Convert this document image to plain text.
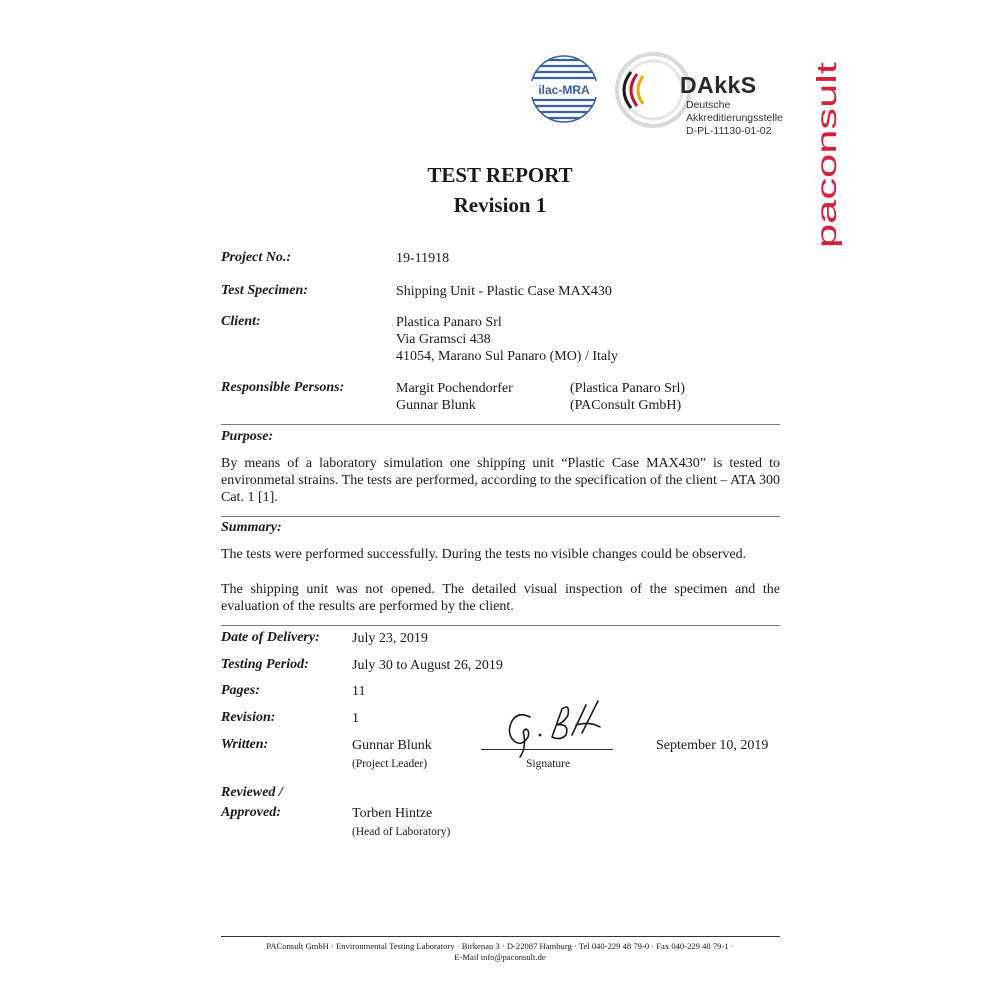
ilac-MRA	DAkkS
Deutsche
Akkreditierungsstelle
D-PL-11130-01-02 paconsult
TEST REPORT
Revision 1
Project No.:	19-11918
Test Specimen:	Shipping Unit - Plastic Case MAX430
Client:	Plastica Panaro Srl
Via Gramsci 438
41054, Marano Sul Panaro (MO) / Italy
Responsible Persons:	Margit Pochendorfer	(Plastica Panaro Srl)
Gunnar Blunk	(PAConsult GmbH)
Purpose:
By means of a laboratory simulation one shipping unit “Plastic Case MAX430” is tested to environmetal strains. The tests are performed, according to the specification of the client – ATA 300 Cat. 1 [1].
Summary:
The tests were performed successfully. During the tests no visible changes could be observed.
The shipping unit was not opened. The detailed visual inspection of the specimen and the evaluation of the results are performed by the client.
Date of Delivery: July 23, 2019
Testing Period:	July 30 to August 26, 2019
Pages:	11
Revision:	1
Written:	Gunnar Blunk
(Project Leader)	Signature
September 10, 2019
Reviewed /
Approved:	Torben Hintze
(Head of Laboratory)
PAConsult GmbH · Environmental Testing Laboratory · Birkenau 3 · D-22087 Hamburg · Tel 040-229 48 79-0 · Fax 040-229 48 79-1 ·
E-Mail info@paconsult.de
